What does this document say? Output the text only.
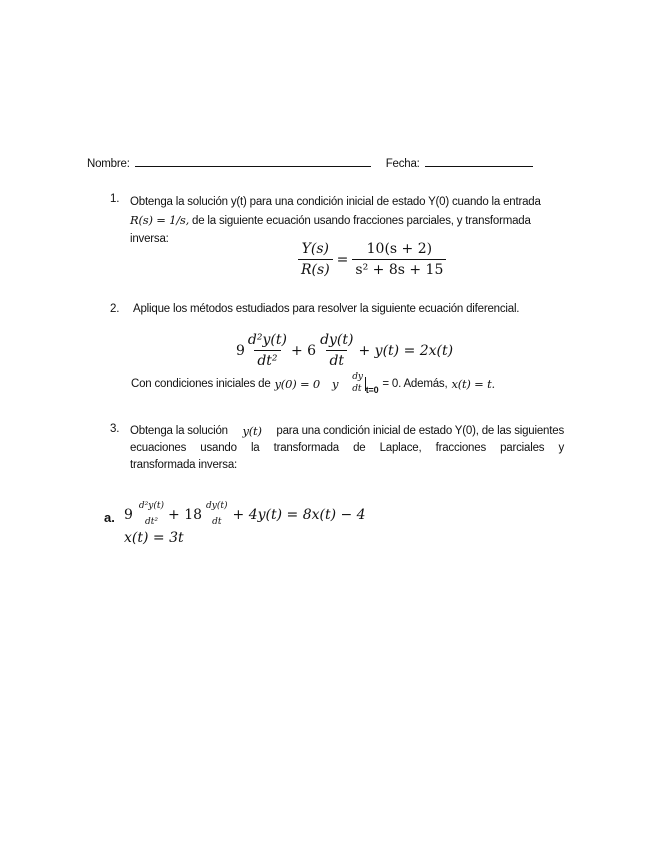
Nombre:	Fecha:
1. Obtenga la solución y(t) para una condición inicial de estado Y(0) cuando la entrada
R(s) = 1/s, de la siguiente ecuación usando fracciones parciales, y transformada
inversa:
$\frac{Y(s)}{R(s)} = \frac{10(s + 2)}{\text{s² + 8s + 15}}$
2. Aplique los métodos estudiados para resolver la siguiente ecuación diferencial.
$9 \frac{\text{d²y(t)}}{\text{dt²}} + 6 \frac{dy(t)}{dt} + y(t) = 2x(t)$
Con condiciones iniciales de y(0) = 0 y dy
dt t=0 = 0. Además, x(t) = t.
3. Obtenga la solución y(t) para una condición inicial de estado Y(0), de las siguientes
ecuaciones usando la transformada de Laplace, fracciones parciales y
transformada inversa:
a. 9
d²y(t)
dt² + 18
dy(t)
dt + 4y(t) = 8x(t) − 4
x(t) = 3t
